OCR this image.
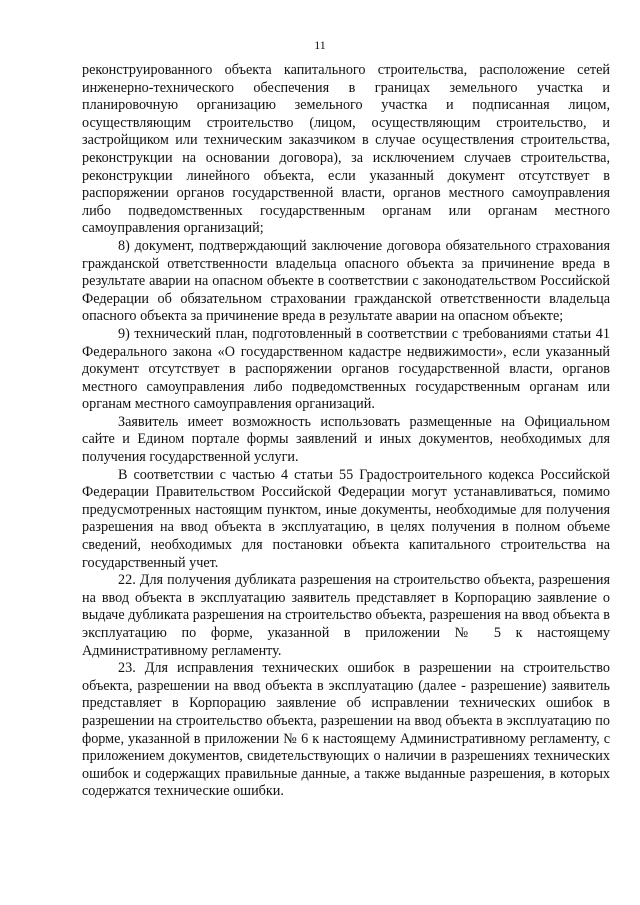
11

реконструированного объекта капитального строительства, расположение сетей инженерно-технического обеспечения в границах земельного участка и планировочную организацию земельного участка и подписанная лицом, осуществляющим строительство (лицом, осуществляющим строительство, и застройщиком или техническим заказчиком в случае осуществления строительства, реконструкции на основании договора), за исключением случаев строительства, реконструкции линейного объекта, если указанный документ отсутствует в распоряжении органов государственной власти, органов местного самоуправления либо подведомственных государственным органам или органам местного самоуправления организаций;

8) документ, подтверждающий заключение договора обязательного страхования гражданской ответственности владельца опасного объекта за причинение вреда в результате аварии на опасном объекте в соответствии с законодательством Российской Федерации об обязательном страховании гражданской ответственности владельца опасного объекта за причинение вреда в результате аварии на опасном объекте;

9) технический план, подготовленный в соответствии с требованиями статьи 41 Федерального закона «О государственном кадастре недвижимости», если указанный документ отсутствует в распоряжении органов государственной власти, органов местного самоуправления либо подведомственных государственным органам или органам местного самоуправления организаций.

Заявитель имеет возможность использовать размещенные на Официальном сайте и Едином портале формы заявлений и иных документов, необходимых для получения государственной услуги.

В соответствии с частью 4 статьи 55 Градостроительного кодекса Российской Федерации Правительством Российской Федерации могут устанавливаться, помимо предусмотренных настоящим пунктом, иные документы, необходимые для получения разрешения на ввод объекта в эксплуатацию, в целях получения в полном объеме сведений, необходимых для постановки объекта капитального строительства на государственный учет.

22. Для получения дубликата разрешения на строительство объекта, разрешения на ввод объекта в эксплуатацию заявитель представляет в Корпорацию заявление о выдаче дубликата разрешения на строительство объекта, разрешения на ввод объекта в эксплуатацию по форме, указанной в приложении № 5 к настоящему Административному регламенту.

23. Для исправления технических ошибок в разрешении на строительство объекта, разрешении на ввод объекта в эксплуатацию (далее - разрешение) заявитель представляет в Корпорацию заявление об исправлении технических ошибок в разрешении на строительство объекта, разрешении на ввод объекта в эксплуатацию по форме, указанной в приложении № 6 к настоящему Административному регламенту, с приложением документов, свидетельствующих о наличии в разрешениях технических ошибок и содержащих правильные данные, а также выданные разрешения, в которых содержатся технические ошибки.
